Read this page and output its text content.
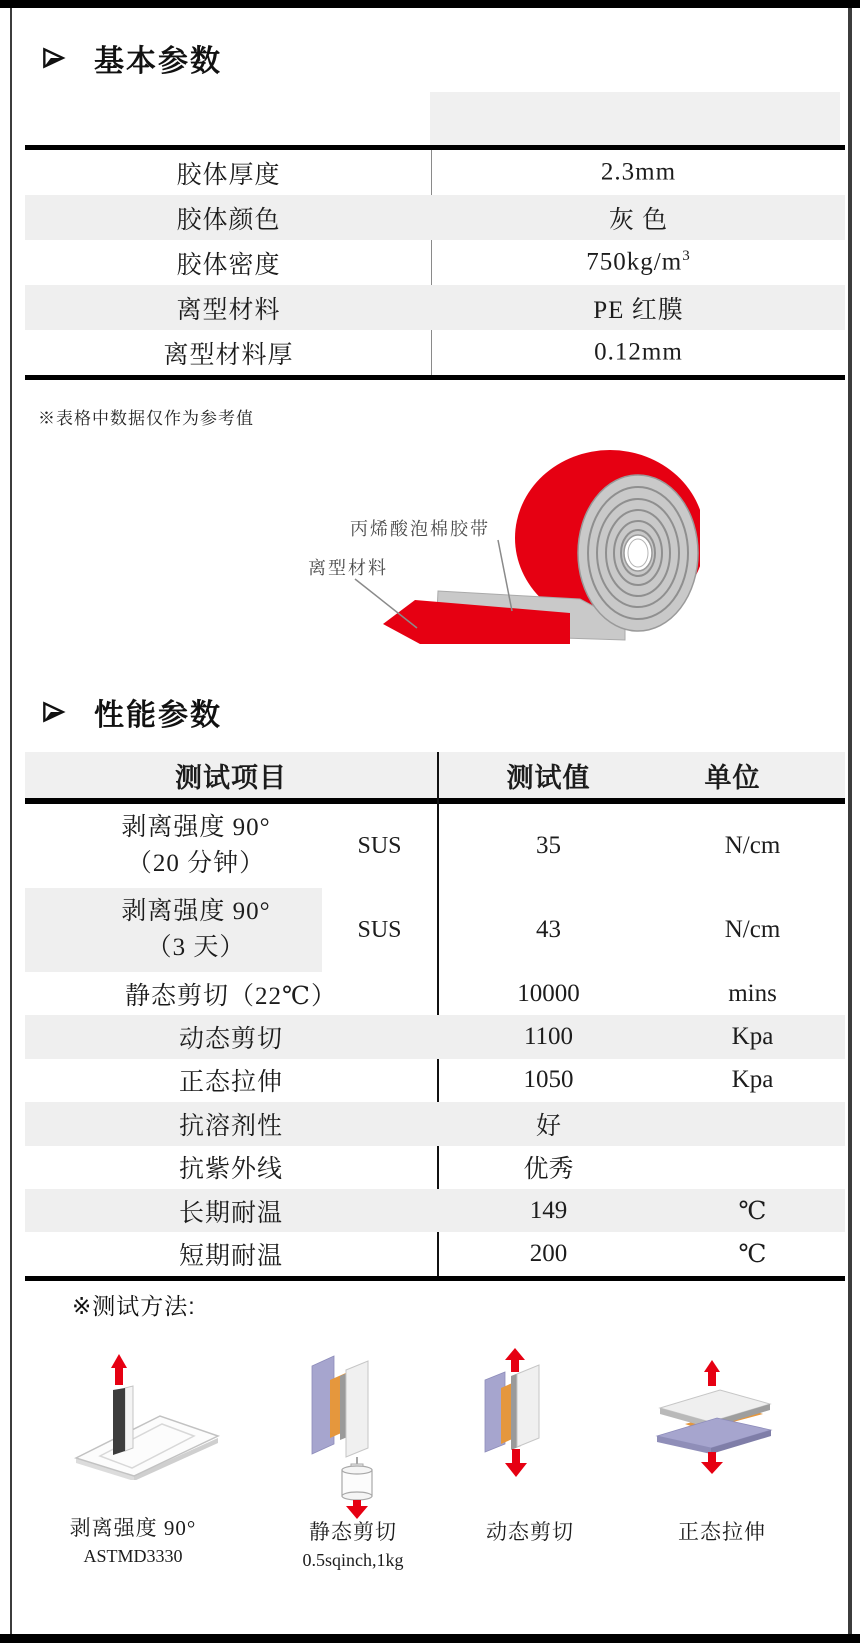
基本参数
胶体厚度	2.3mm
胶体颜色	灰 色
胶体密度	$750kg/m^3$
离型材料	PE 红膜
离型材料厚	0.12mm
※表格中数据仅作为参考值
丙烯酸泡棉胶带
离型材料
性能参数
测试项目	测试值	单位
剥离强度 90°
（20 分钟）
SUS	35	N/cm
剥离强度 90°
（3 天）
SUS	43	N/cm
静态剪切（22℃）	10000	mins
动态剪切	1100	Kpa
正态拉伸	1050	Kpa
抗溶剂性	好
抗紫外线	优秀
长期耐温	149	℃
短期耐温	200	℃
※测试方法:
剥离强度 90°
ASTMD3330
静态剪切
0.5sqinch,1kg
动态剪切	正态拉伸
